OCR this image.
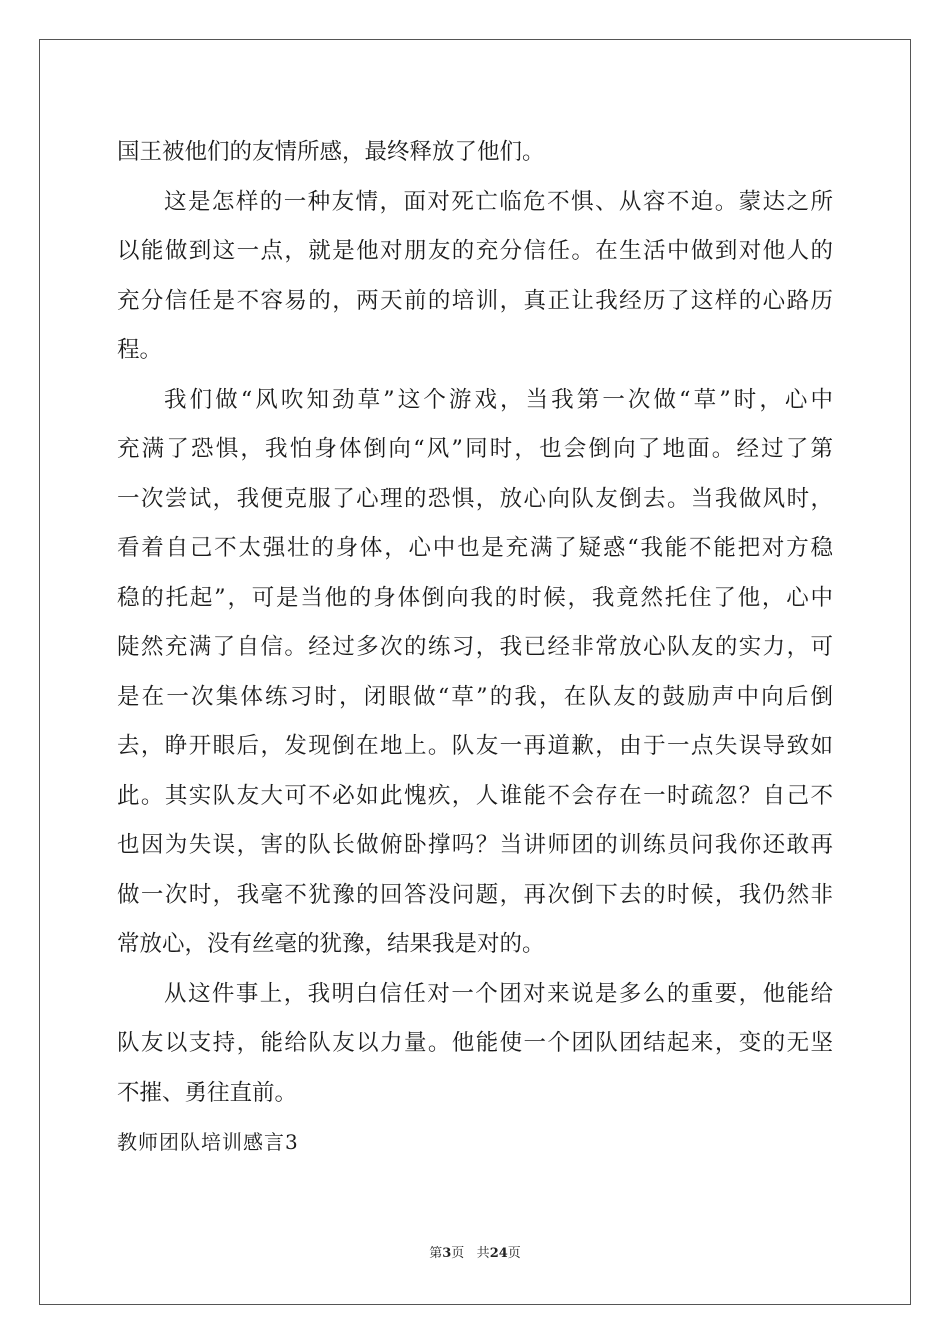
国王被他们的友情所感，最终释放了他们。
这是怎样的一种友情，面对死亡临危不惧、从容不迫。蒙达之所
以能做到这一点，就是他对朋友的充分信任。在生活中做到对他人的
充分信任是不容易的，两天前的培训，真正让我经历了这样的心路历
程。
我们做“风吹知劲草”这个游戏，当我第一次做“草”时，心中
充满了恐惧，我怕身体倒向“风”同时，也会倒向了地面。经过了第
一次尝试，我便克服了心理的恐惧，放心向队友倒去。当我做风时，
看着自己不太强壮的身体，心中也是充满了疑惑“我能不能把对方稳
稳的托起”，可是当他的身体倒向我的时候，我竟然托住了他，心中
陡然充满了自信。经过多次的练习，我已经非常放心队友的实力，可
是在一次集体练习时，闭眼做“草”的我，在队友的鼓励声中向后倒
去，睁开眼后，发现倒在地上。队友一再道歉，由于一点失误导致如
此。其实队友大可不必如此愧疚，人谁能不会存在一时疏忽？自己不
也因为失误，害的队长做俯卧撑吗？当讲师团的训练员问我你还敢再
做一次时，我毫不犹豫的回答没问题，再次倒下去的时候，我仍然非
常放心，没有丝毫的犹豫，结果我是对的。
从这件事上，我明白信任对一个团对来说是多么的重要，他能给
队友以支持，能给队友以力量。他能使一个团队团结起来，变的无坚
不摧、勇往直前。
教师团队培训感言3
第3页 共24页
